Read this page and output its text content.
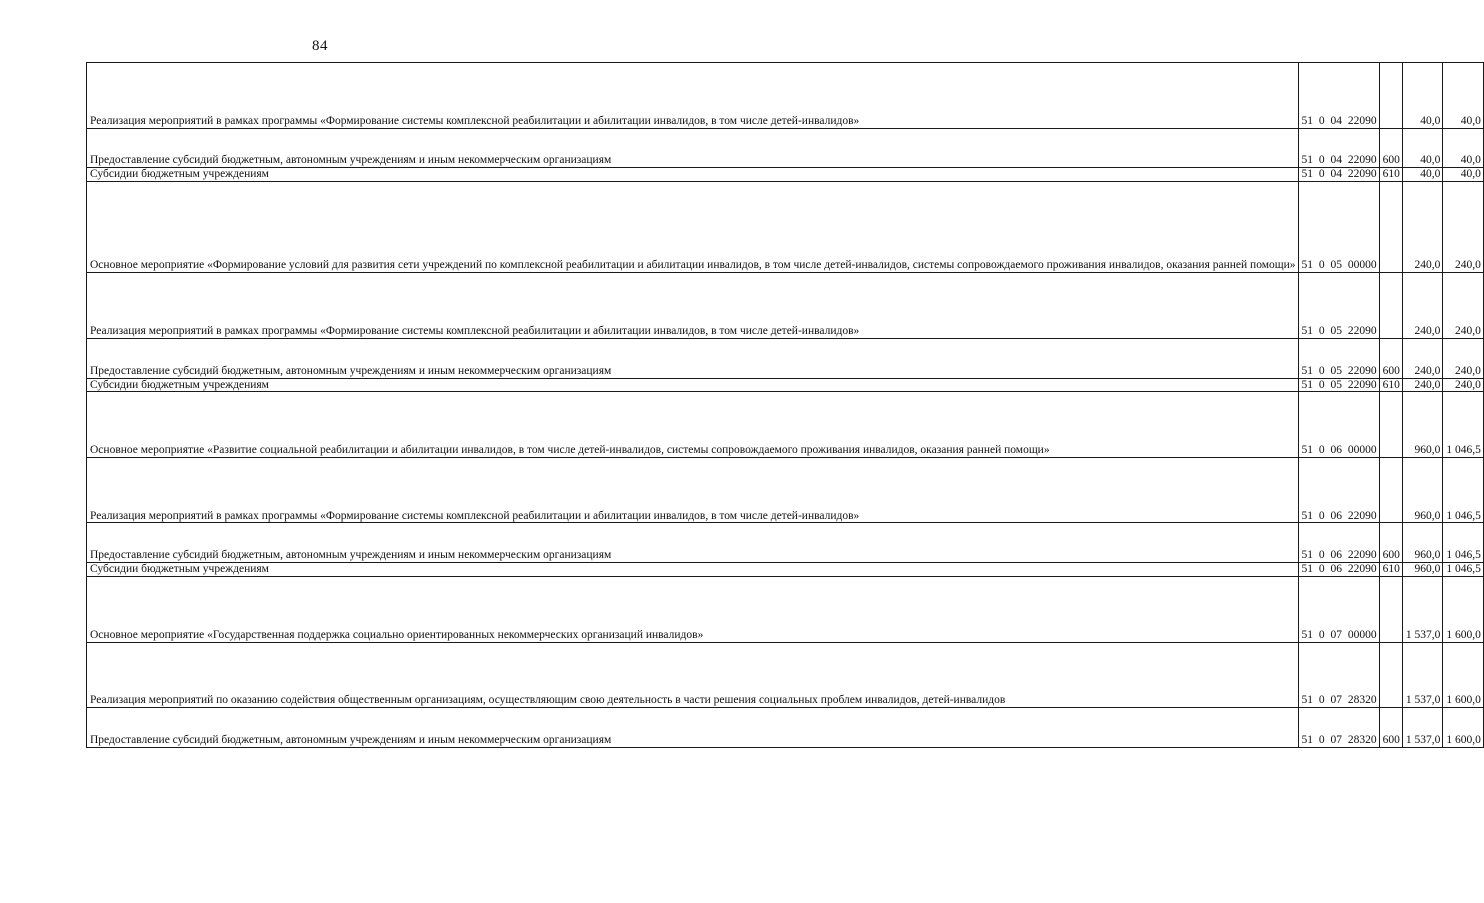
84
Реализация мероприятий в рамках программы «Формирование системы комплексной реабилитации и абилитации инвалидов, в том числе детей-инвалидов»	51 0 04 22090		40,0	40,0
Предоставление субсидий бюджетным, автономным учреждениям и иным некоммерческим организациям	51 0 04 22090	600	40,0	40,0
Субсидии бюджетным учреждениям	51 0 04 22090	610	40,0	40,0
Основное мероприятие «Формирование условий для развития сети учреждений по комплексной реабилитации и абилитации инвалидов, в том числе детей-инвалидов, системы сопровождаемого проживания инвалидов, оказания ранней помощи»	51 0 05 00000		240,0	240,0
Реализация мероприятий в рамках программы «Формирование системы комплексной реабилитации и абилитации инвалидов, в том числе детей-инвалидов»	51 0 05 22090		240,0	240,0
Предоставление субсидий бюджетным, автономным учреждениям и иным некоммерческим организациям	51 0 05 22090	600	240,0	240,0
Субсидии бюджетным учреждениям	51 0 05 22090	610	240,0	240,0
Основное мероприятие «Развитие социальной реабилитации и абилитации инвалидов, в том числе детей-инвалидов, системы сопровождаемого проживания инвалидов, оказания ранней помощи»	51 0 06 00000		960,0	1 046,5
Реализация мероприятий в рамках программы «Формирование системы комплексной реабилитации и абилитации инвалидов, в том числе детей-инвалидов»	51 0 06 22090		960,0	1 046,5
Предоставление субсидий бюджетным, автономным учреждениям и иным некоммерческим организациям	51 0 06 22090	600	960,0	1 046,5
Субсидии бюджетным учреждениям	51 0 06 22090	610	960,0	1 046,5
Основное мероприятие «Государственная поддержка социально ориентированных некоммерческих организаций инвалидов»	51 0 07 00000		1 537,0	1 600,0
Реализация мероприятий по оказанию содействия общественным организациям, осуществляющим свою деятельность в части решения социальных проблем инвалидов, детей-инвалидов	51 0 07 28320		1 537,0	1 600,0
Предоставление субсидий бюджетным, автономным учреждениям и иным некоммерческим организациям	51 0 07 28320	600	1 537,0	1 600,0
